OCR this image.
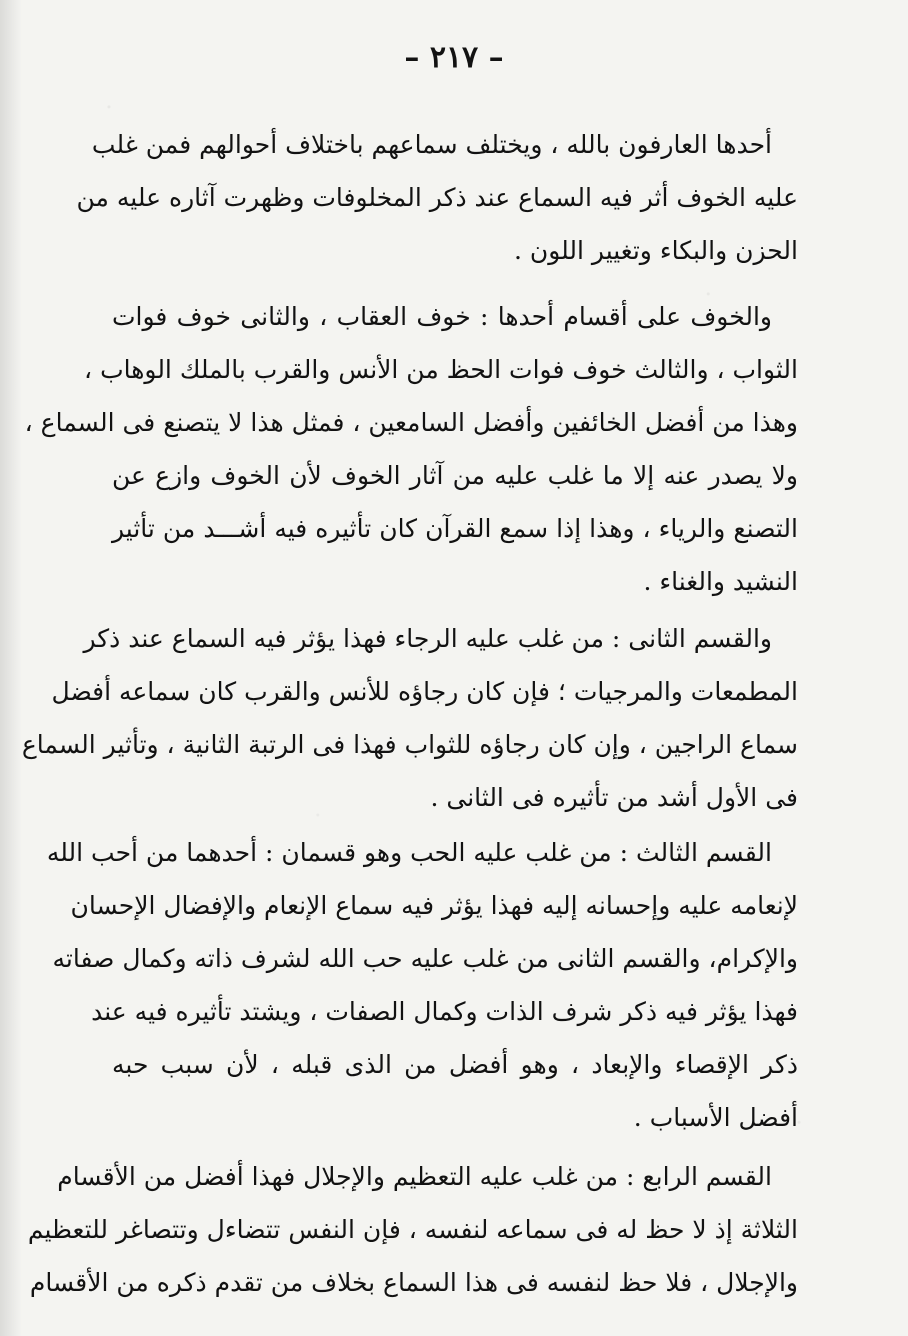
– ٢١٧ –
أحدها العارفون بالله ، ويختلف سماعهم باختلاف أحوالهم فمن غلب
عليه الخوف أثر فيه السماع عند ذكر المخلوفات وظهرت آثاره عليه من
الحزن والبكاء وتغيير اللون .
والخوف على أقسام أحدها : خوف العقاب ، والثانى خوف فوات
الثواب ، والثالث خوف فوات الحظ من الأنس والقرب بالملك الوهاب ،
وهذا من أفضل الخائفين وأفضل السامعين ، فمثل هذا لا يتصنع فى السماع ،
ولا يصدر عنه إلا ما غلب عليه من آثار الخوف لأن الخوف وازع عن
التصنع والرياء ، وهذا إذا سمع القرآن كان تأثيره فيه أشـــد من تأثير
النشيد والغناء .
والقسم الثانى : من غلب عليه الرجاء فهذا يؤثر فيه السماع عند ذكر
المطمعات والمرجيات ؛ فإن كان رجاؤه للأنس والقرب كان سماعه أفضل
سماع الراجين ، وإن كان رجاؤه للثواب فهذا فى الرتبة الثانية ، وتأثير السماع
فى الأول أشد من تأثيره فى الثانى .
القسم الثالث : من غلب عليه الحب وهو قسمان : أحدهما من أحب الله
لإنعامه عليه وإحسانه إليه فهذا يؤثر فيه سماع الإنعام والإفضال الإحسان
والإكرام، والقسم الثانى من غلب عليه حب الله لشرف ذاته وكمال صفاته
فهذا يؤثر فيه ذكر شرف الذات وكمال الصفات ، ويشتد تأثيره فيه عند
ذكر الإقصاء والإبعاد ، وهو أفضل من الذى قبله ، لأن سبب حبه
أفضل الأسباب .
القسم الرابع : من غلب عليه التعظيم والإجلال فهذا أفضل من الأقسام
الثلاثة إذ لا حظ له فى سماعه لنفسه ، فإن النفس تتضاءل وتتصاغر للتعظيم
والإجلال ، فلا حظ لنفسه فى هذا السماع بخلاف من تقدم ذكره من الأقسام
